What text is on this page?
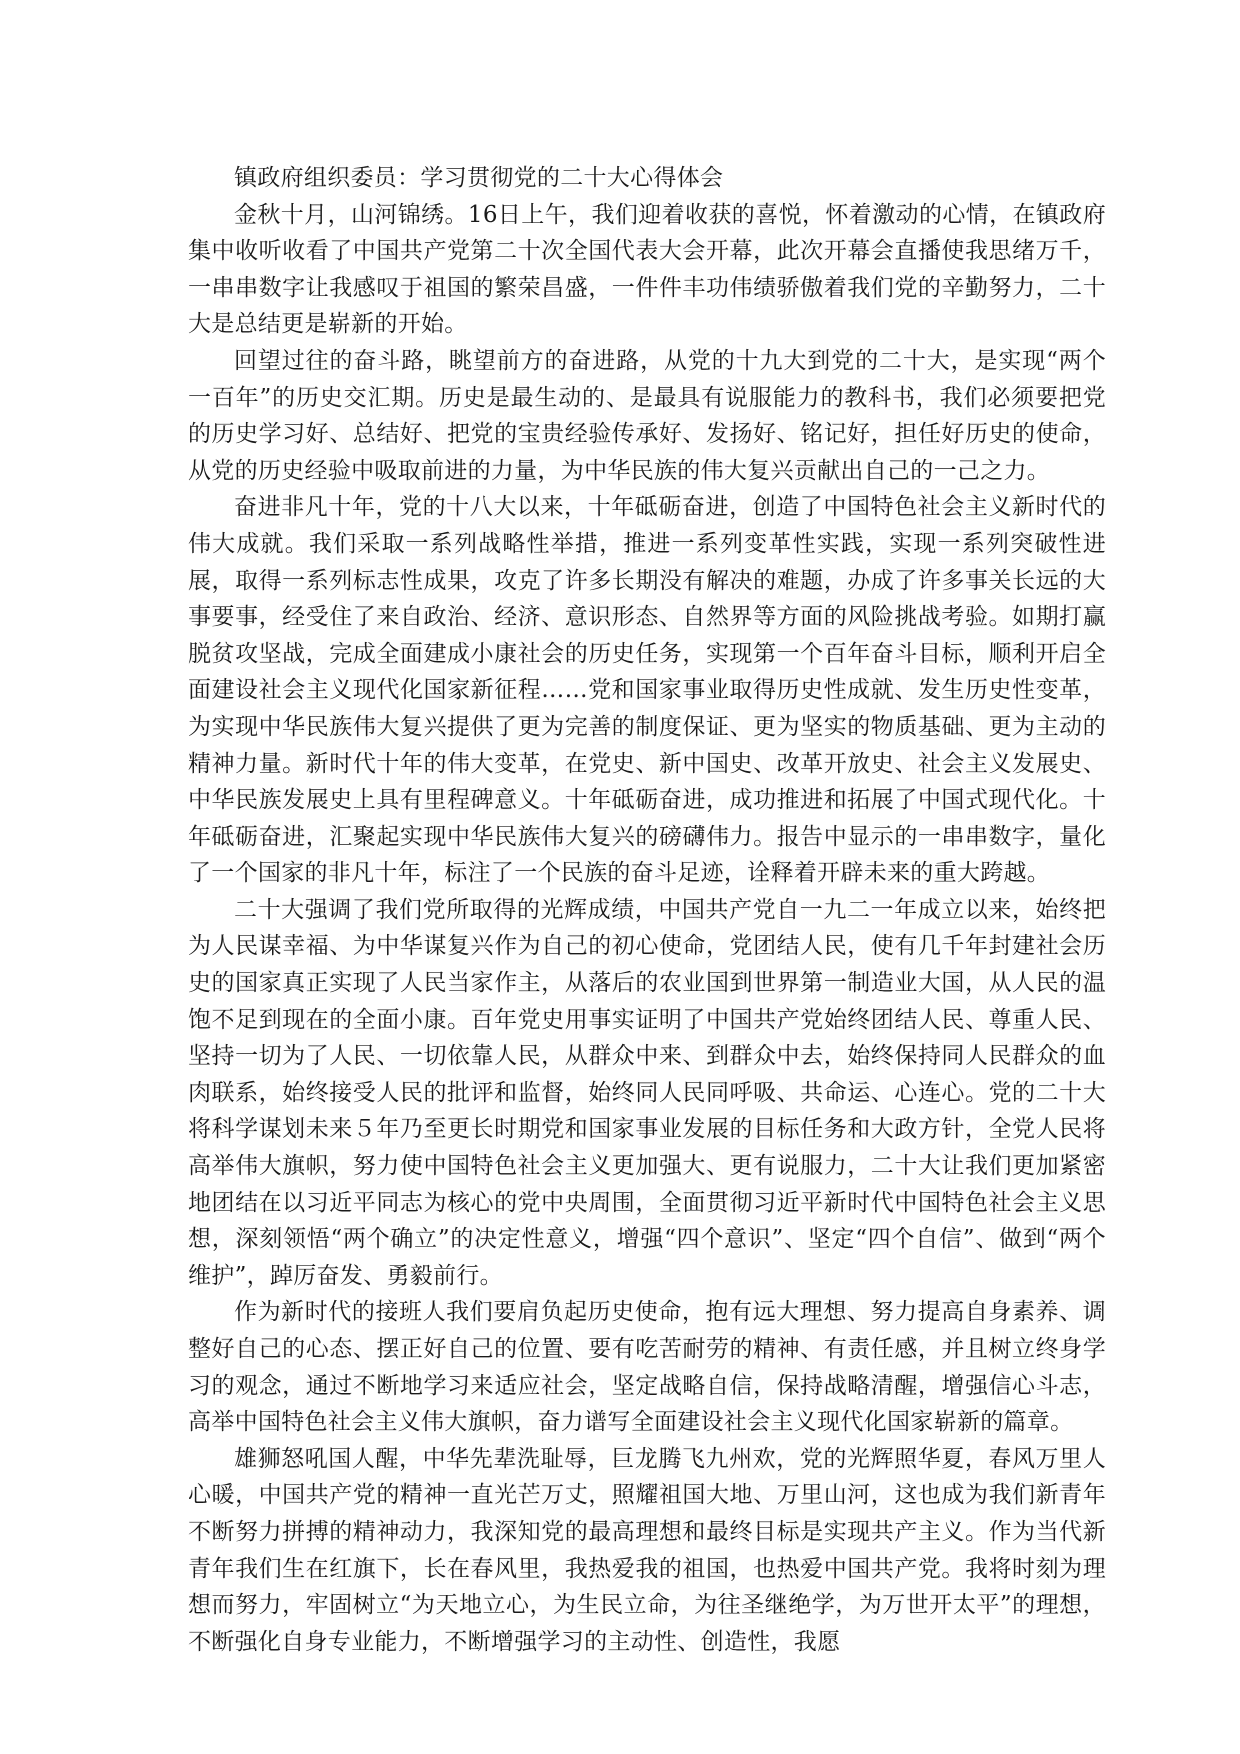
镇政府组织委员：学习贯彻党的二十大心得体会

金秋十月，山河锦绣。16日上午，我们迎着收获的喜悦，怀着激动的心情，在镇政府集中收听收看了中国共产党第二十次全国代表大会开幕，此次开幕会直播使我思绪万千，一串串数字让我感叹于祖国的繁荣昌盛，一件件丰功伟绩骄傲着我们党的辛勤努力，二十大是总结更是崭新的开始。

回望过往的奋斗路，眺望前方的奋进路，从党的十九大到党的二十大，是实现“两个一百年”的历史交汇期。历史是最生动的、是最具有说服能力的教科书，我们必须要把党的历史学习好、总结好、把党的宝贵经验传承好、发扬好、铭记好，担任好历史的使命，从党的历史经验中吸取前进的力量，为中华民族的伟大复兴贡献出自己的一己之力。

奋进非凡十年，党的十八大以来，十年砥砺奋进，创造了中国特色社会主义新时代的伟大成就。我们采取一系列战略性举措，推进一系列变革性实践，实现一系列突破性进展，取得一系列标志性成果，攻克了许多长期没有解决的难题，办成了许多事关长远的大事要事，经受住了来自政治、经济、意识形态、自然界等方面的风险挑战考验。如期打赢脱贫攻坚战，完成全面建成小康社会的历史任务，实现第一个百年奋斗目标，顺利开启全面建设社会主义现代化国家新征程……党和国家事业取得历史性成就、发生历史性变革，为实现中华民族伟大复兴提供了更为完善的制度保证、更为坚实的物质基础、更为主动的精神力量。新时代十年的伟大变革，在党史、新中国史、改革开放史、社会主义发展史、中华民族发展史上具有里程碑意义。十年砥砺奋进，成功推进和拓展了中国式现代化。十年砥砺奋进，汇聚起实现中华民族伟大复兴的磅礴伟力。报告中显示的一串串数字，量化了一个国家的非凡十年，标注了一个民族的奋斗足迹，诠释着开辟未来的重大跨越。

二十大强调了我们党所取得的光辉成绩，中国共产党自一九二一年成立以来，始终把为人民谋幸福、为中华谋复兴作为自己的初心使命，党团结人民，使有几千年封建社会历史的国家真正实现了人民当家作主，从落后的农业国到世界第一制造业大国，从人民的温饱不足到现在的全面小康。百年党史用事实证明了中国共产党始终团结人民、尊重人民、坚持一切为了人民、一切依靠人民，从群众中来、到群众中去，始终保持同人民群众的血肉联系，始终接受人民的批评和监督，始终同人民同呼吸、共命运、心连心。党的二十大将科学谋划未来５年乃至更长时期党和国家事业发展的目标任务和大政方针，全党人民将高举伟大旗帜，努力使中国特色社会主义更加强大、更有说服力，二十大让我们更加紧密地团结在以习近平同志为核心的党中央周围，全面贯彻习近平新时代中国特色社会主义思想，深刻领悟“两个确立”的决定性意义，增强“四个意识”、坚定“四个自信”、做到“两个维护”，踔厉奋发、勇毅前行。

作为新时代的接班人我们要肩负起历史使命，抱有远大理想、努力提高自身素养、调整好自己的心态、摆正好自己的位置、要有吃苦耐劳的精神、有责任感，并且树立终身学习的观念，通过不断地学习来适应社会，坚定战略自信，保持战略清醒，增强信心斗志，高举中国特色社会主义伟大旗帜，奋力谱写全面建设社会主义现代化国家崭新的篇章。

雄狮怒吼国人醒，中华先辈洗耻辱，巨龙腾飞九州欢，党的光辉照华夏，春风万里人心暖，中国共产党的精神一直光芒万丈，照耀祖国大地、万里山河，这也成为我们新青年不断努力拼搏的精神动力，我深知党的最高理想和最终目标是实现共产主义。作为当代新青年我们生在红旗下，长在春风里，我热爱我的祖国，也热爱中国共产党。我将时刻为理想而努力，牢固树立“为天地立心，为生民立命，为往圣继绝学，为万世开太平”的理想，不断强化自身专业能力，不断增强学习的主动性、创造性，我愿
